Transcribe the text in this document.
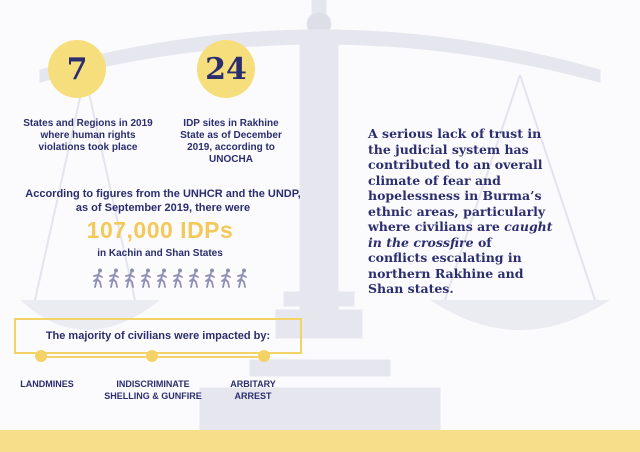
7
States and Regions in 2019 where human rights violations took place
24
IDP sites in Rakhine State as of December 2019, according to UNOCHA
According to figures from the UNHCR and the UNDP, as of September 2019, there were
107,000 IDPs
in Kachin and Shan States
The majority of civilians were impacted by:
LANDMINES	INDISCRIMINATE SHELLING & GUNFIRE
ARBITARY ARREST
A serious lack of trust in the judicial system has contributed to an overall climate of fear and hopelessness in Burma’s ethnic areas, particularly where civilians are caught in the crossfire of conflicts escalating in northern Rakhine and Shan states.
